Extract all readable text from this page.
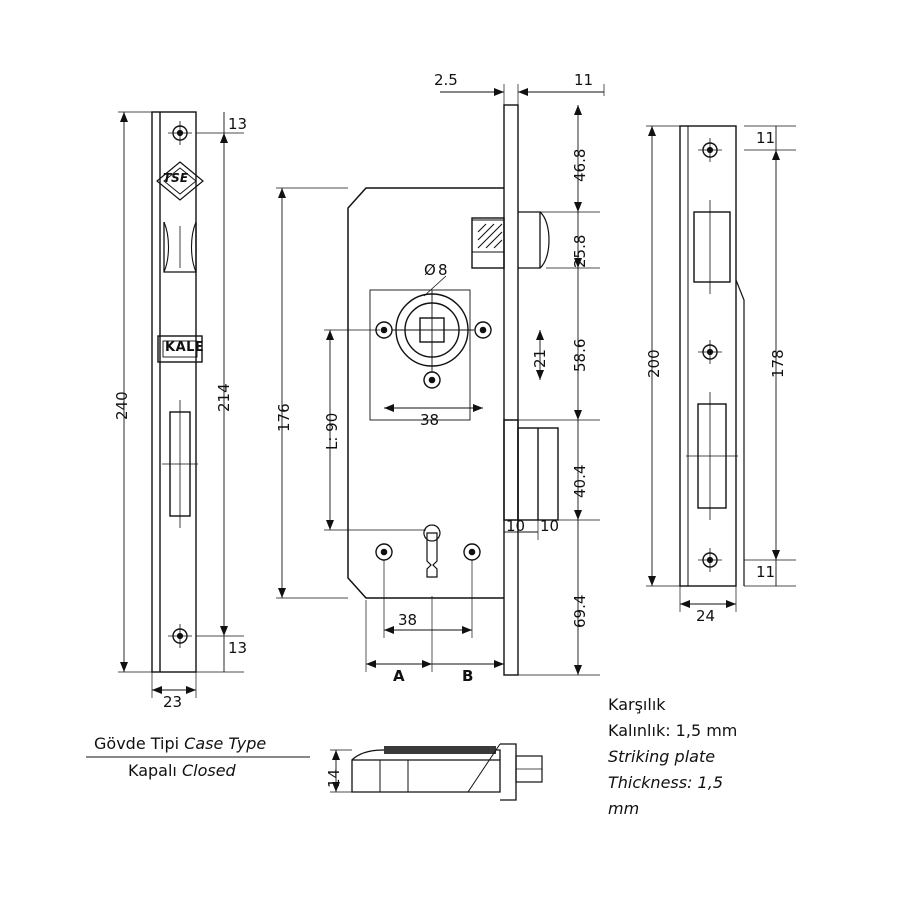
240	214
13
13
23
TSE
KALE
2.5	11
46.8
25.8
58.6
40.4
69.4
21
8
Ø
38
38
176 L: 90
10 10
A	B
200	178
11
11
24
14
Gövde Tipi Case Type
Kapalı Closed
Karşılık
Kalınlık: 1,5 mm
Striking plate
Thickness: 1,5
mm
